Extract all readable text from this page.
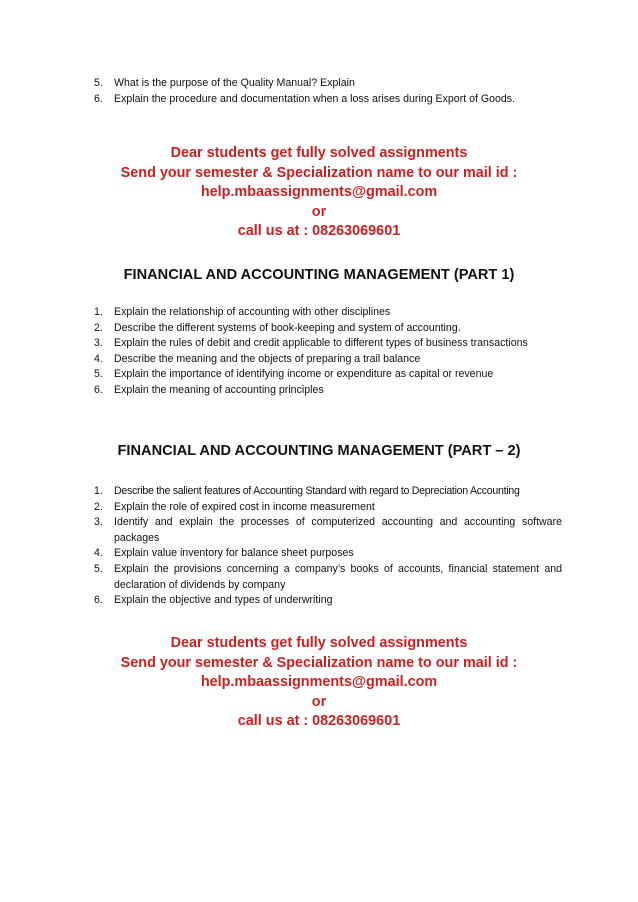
5.	What is the purpose of the Quality Manual? Explain
6.	Explain the procedure and documentation when a loss arises during Export of Goods.
Dear students get fully solved assignments
Send your semester & Specialization name to our mail id :
help.mbaassignments@gmail.com
or
call us at : 08263069601
FINANCIAL AND ACCOUNTING MANAGEMENT (PART 1)
1.	Explain the relationship of accounting with other disciplines
2.	Describe the different systems of book-keeping and system of accounting.
3.	Explain the rules of debit and credit applicable to different types of business transactions
4.	Describe the meaning and the objects of preparing a trail balance
5.	Explain the importance of identifying income or expenditure as capital or revenue
6.	Explain the meaning of accounting principles
FINANCIAL AND ACCOUNTING MANAGEMENT (PART – 2)
1.	Describe the salient features of Accounting Standard with regard to Depreciation Accounting
2.	Explain the role of expired cost in income measurement
3.	Identify and explain the processes of computerized accounting and accounting software packages
4.	Explain value inventory for balance sheet purposes
5.	Explain the provisions concerning a company’s books of accounts, financial statement and declaration of dividends by company
6.	Explain the objective and types of underwriting
Dear students get fully solved assignments
Send your semester & Specialization name to our mail id :
help.mbaassignments@gmail.com
or
call us at : 08263069601
